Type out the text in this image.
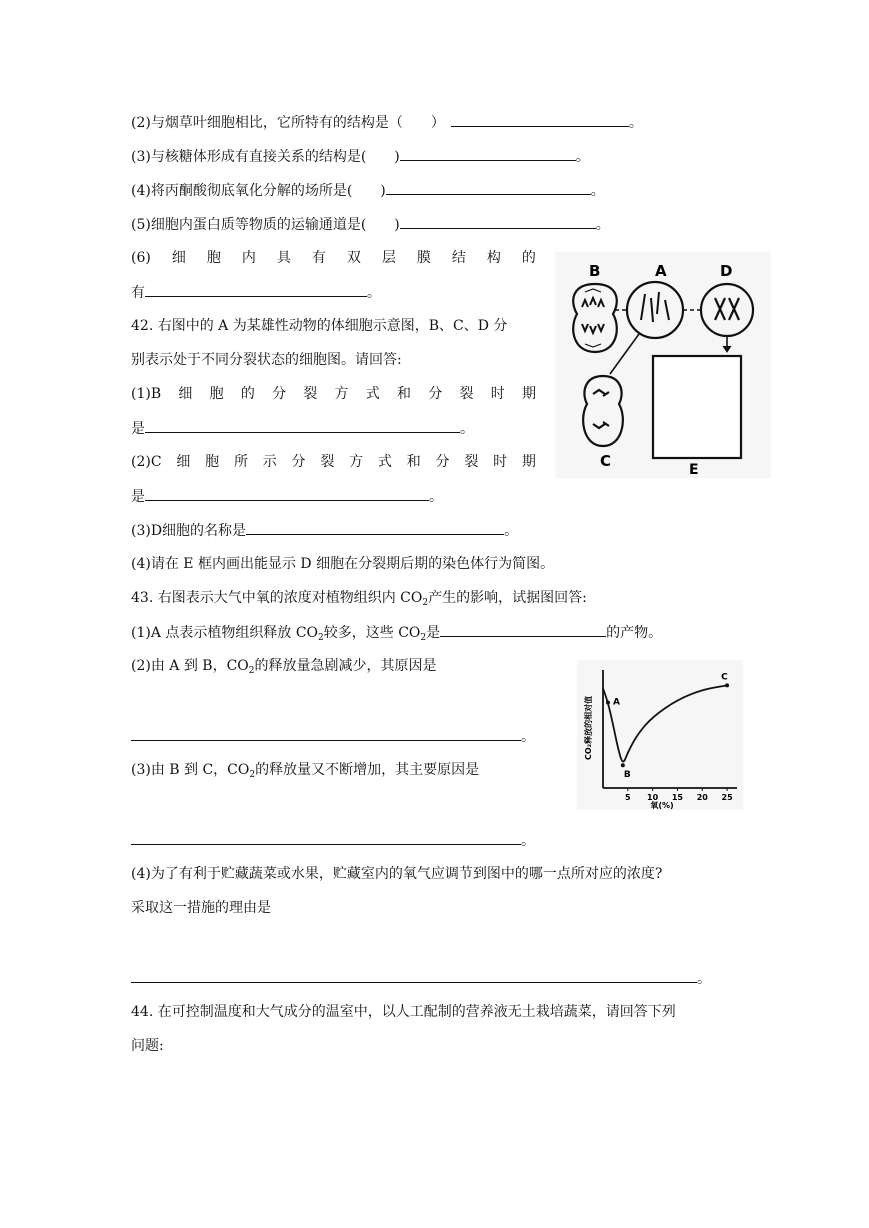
(2)与烟草叶细胞相比，它所特有的结构是（　　）	。
(3)与核糖体形成有直接关系的结构是(　　)	。
(4)将丙酮酸彻底氧化分解的场所是(　　)	。
(5)细胞内蛋白质等物质的运输通道是(　　)	。
(6) 细 胞 内 具 有 双 层 膜 结 构 的
有	。
42. 右图中的 A 为某雄性动物的体细胞示意图，B、C、D 分
别表示处于不同分裂状态的细胞图。请回答:
(1)B 细 胞 的 分 裂 方 式 和 分 裂 时 期
是	。
(2)C 细 胞 所 示 分 裂 方 式 和 分 裂 时 期
是	。
(3)D细胞的名称是	。
(4)请在 E 框内画出能显示 D 细胞在分裂期后期的染色体行为简图。
B	A	D
C	E
43. 右图表示大气中氧的浓度对植物组织内 $CO_2$产生的影响，试据图回答:
(1)A 点表示植物组织释放 $CO_2$较多，这些 $CO_2$是	的产物。
(2)由 A 到 B，$CO_2$的释放量急剧减少，其原因是
。
(3)由 B 到 C，$CO_2$的释放量又不断增加，其主要原因是
。
(4)为了有利于贮藏蔬菜或水果，贮藏室内的氧气应调节到图中的哪一点所对应的浓度?
采取这一措施的理由是
。
CO₂释放的相对值
氧(%)
5 10 15 20 25
A
B
C
44. 在可控制温度和大气成分的温室中，以人工配制的营养液无土栽培蔬菜，请回答下列
问题:
